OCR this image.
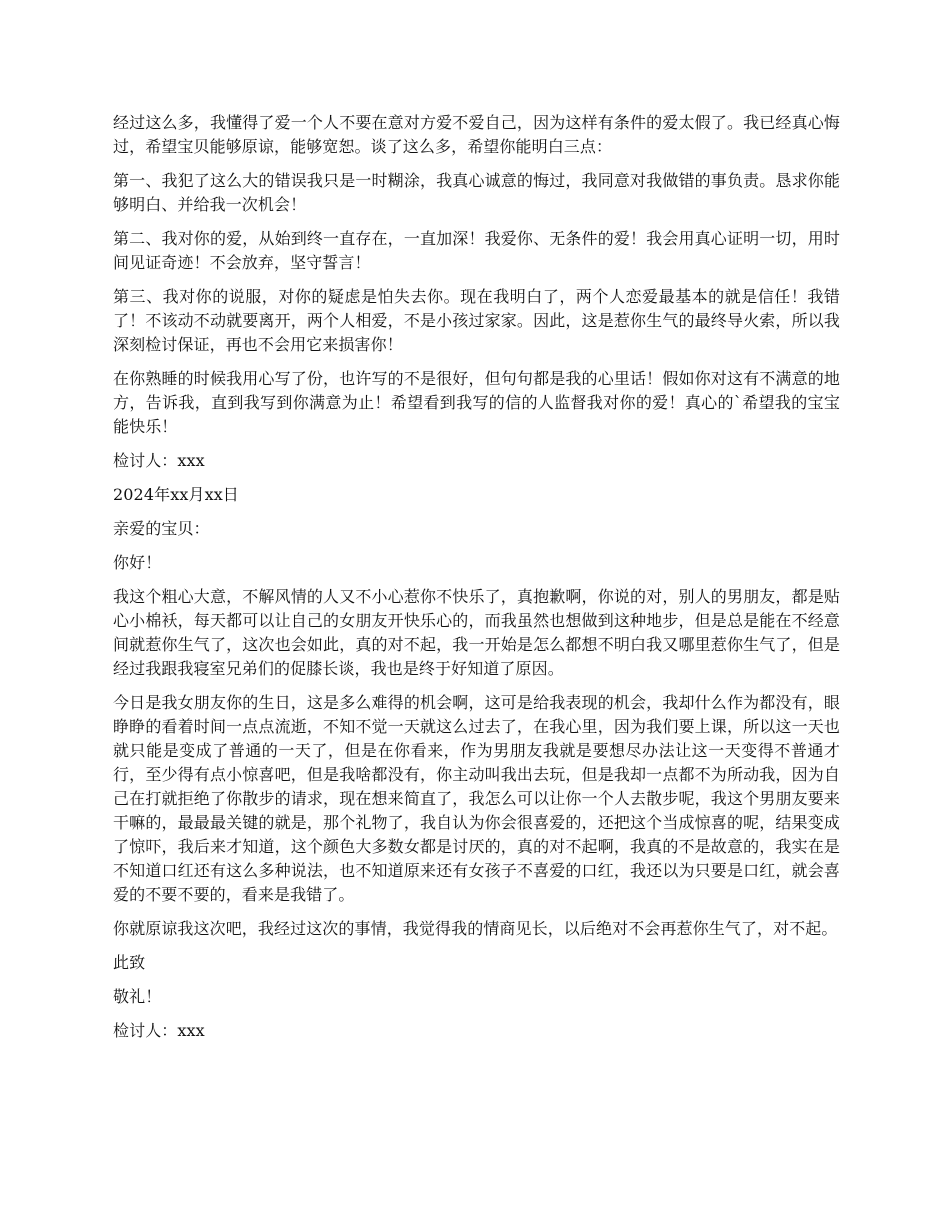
经过这么多，我懂得了爱一个人不要在意对方爱不爱自己，因为这样有条件的爱太假了。我已经真心悔过，希望宝贝能够原谅，能够宽恕。谈了这么多，希望你能明白三点：

第一、我犯了这么大的错误我只是一时糊涂，我真心诚意的悔过，我同意对我做错的事负责。恳求你能够明白、并给我一次机会！

第二、我对你的爱，从始到终一直存在，一直加深！我爱你、无条件的爱！我会用真心证明一切，用时间见证奇迹！不会放弃，坚守誓言！

第三、我对你的说服，对你的疑虑是怕失去你。现在我明白了，两个人恋爱最基本的就是信任！我错了！不该动不动就要离开，两个人相爱，不是小孩过家家。因此，这是惹你生气的最终导火索，所以我深刻检讨保证，再也不会用它来损害你！

在你熟睡的时候我用心写了份，也许写的不是很好，但句句都是我的心里话！假如你对这有不满意的地方，告诉我，直到我写到你满意为止！希望看到我写的信的人监督我对你的爱！真心的`希望我的宝宝能快乐！

检讨人：xxx

2024年xx月xx日

亲爱的宝贝：

你好！

我这个粗心大意，不解风情的人又不小心惹你不快乐了，真抱歉啊，你说的对，别人的男朋友，都是贴心小棉袄，每天都可以让自己的女朋友开快乐心的，而我虽然也想做到这种地步，但是总是能在不经意间就惹你生气了，这次也会如此，真的对不起，我一开始是怎么都想不明白我又哪里惹你生气了，但是经过我跟我寝室兄弟们的促膝长谈，我也是终于好知道了原因。

今日是我女朋友你的生日，这是多么难得的机会啊，这可是给我表现的机会，我却什么作为都没有，眼睁睁的看着时间一点点流逝，不知不觉一天就这么过去了，在我心里，因为我们要上课，所以这一天也就只能是变成了普通的一天了，但是在你看来，作为男朋友我就是要想尽办法让这一天变得不普通才行，至少得有点小惊喜吧，但是我啥都没有，你主动叫我出去玩，但是我却一点都不为所动我，因为自己在打就拒绝了你散步的请求，现在想来简直了，我怎么可以让你一个人去散步呢，我这个男朋友要来干嘛的，最最最关键的就是，那个礼物了，我自认为你会很喜爱的，还把这个当成惊喜的呢，结果变成了惊吓，我后来才知道，这个颜色大多数女都是讨厌的，真的对不起啊，我真的不是故意的，我实在是不知道口红还有这么多种说法，也不知道原来还有女孩子不喜爱的口红，我还以为只要是口红，就会喜爱的不要不要的，看来是我错了。

你就原谅我这次吧，我经过这次的事情，我觉得我的情商见长，以后绝对不会再惹你生气了，对不起。

此致

敬礼！

检讨人：xxx
